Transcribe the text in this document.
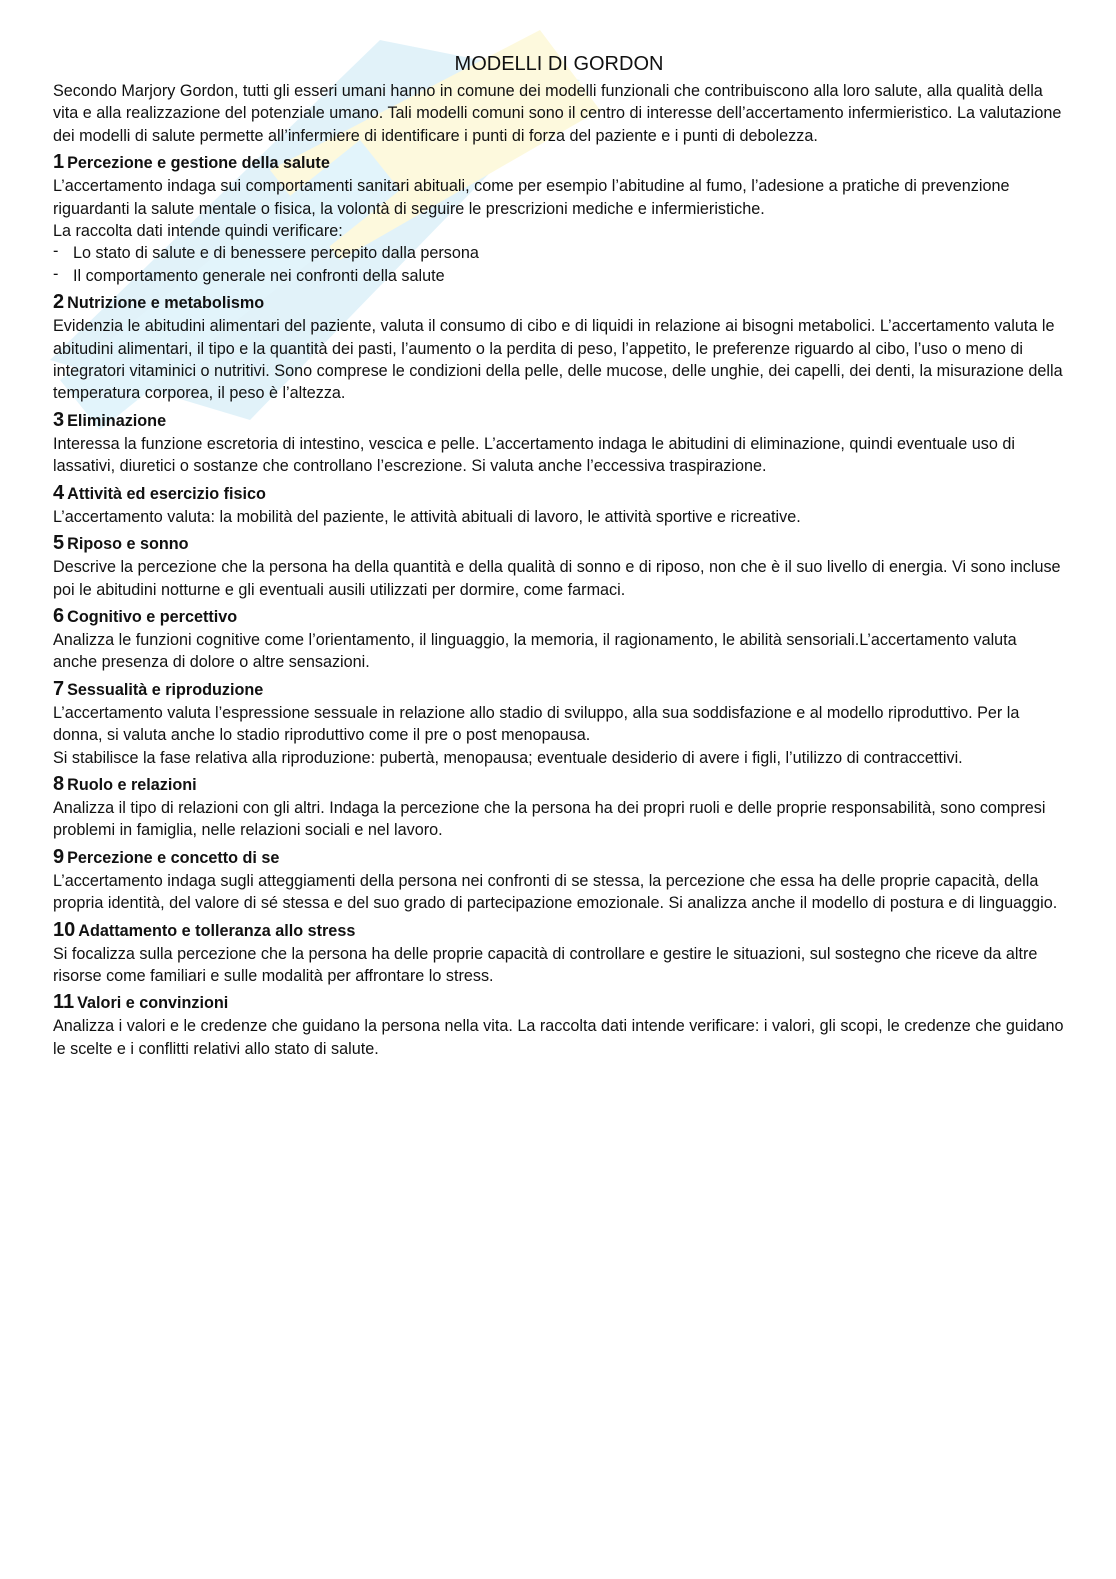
MODELLI DI GORDON

Secondo Marjory Gordon, tutti gli esseri umani hanno in comune dei modelli funzionali che contribuiscono alla loro salute, alla qualità della vita e alla realizzazione del potenziale umano. Tali modelli comuni sono il centro di interesse dell’accertamento infermieristico. La valutazione dei modelli di salute permette all’infermiere di identificare i punti di forza del paziente e i punti di debolezza.

1 Percezione e gestione della salute

L’accertamento indaga sui comportamenti sanitari abituali, come per esempio l’abitudine al fumo, l’adesione a pratiche di prevenzione riguardanti la salute mentale o fisica, la volontà di seguire le prescrizioni mediche e infermieristiche.

La raccolta dati intende quindi verificare:

- Lo stato di salute e di benessere percepito dalla persona
- Il comportamento generale nei confronti della salute
2 Nutrizione e metabolismo

Evidenzia le abitudini alimentari del paziente, valuta il consumo di cibo e di liquidi in relazione ai bisogni metabolici. L’accertamento valuta le abitudini alimentari, il tipo e la quantità dei pasti, l’aumento o la perdita di peso, l’appetito, le preferenze riguardo al cibo, l’uso o meno di integratori vitaminici o nutritivi. Sono comprese le condizioni della pelle, delle mucose, delle unghie, dei capelli, dei denti, la misurazione della temperatura corporea, il peso è l’altezza.

3 Eliminazione

Interessa la funzione escretoria di intestino, vescica e pelle. L’accertamento indaga le abitudini di eliminazione, quindi eventuale uso di lassativi, diuretici o sostanze che controllano l’escrezione. Si valuta anche l’eccessiva traspirazione.

4 Attività ed esercizio fisico

L’accertamento valuta: la mobilità del paziente, le attività abituali di lavoro, le attività sportive e ricreative.

5 Riposo e sonno

Descrive la percezione che la persona ha della quantità e della qualità di sonno e di riposo, non che è il suo livello di energia. Vi sono incluse poi le abitudini notturne e gli eventuali ausili utilizzati per dormire, come farmaci.

6 Cognitivo e percettivo

Analizza le funzioni cognitive come l’orientamento, il linguaggio, la memoria, il ragionamento, le abilità sensoriali.L’accertamento valuta anche presenza di dolore o altre sensazioni.

7 Sessualità e riproduzione

L’accertamento valuta l’espressione sessuale in relazione allo stadio di sviluppo, alla sua soddisfazione e al modello riproduttivo. Per la donna, si valuta anche lo stadio riproduttivo come il pre o post menopausa.

Si stabilisce la fase relativa alla riproduzione: pubertà, menopausa; eventuale desiderio di avere i figli, l’utilizzo di contraccettivi.

8 Ruolo e relazioni

Analizza il tipo di relazioni con gli altri. Indaga la percezione che la persona ha dei propri ruoli e delle proprie responsabilità, sono compresi problemi in famiglia, nelle relazioni sociali e nel lavoro.

9 Percezione e concetto di se

L’accertamento indaga sugli atteggiamenti della persona nei confronti di se stessa, la percezione che essa ha delle proprie capacità, della propria identità, del valore di sé stessa e del suo grado di partecipazione emozionale. Si analizza anche il modello di postura e di linguaggio.

10 Adattamento e tolleranza allo stress

Si focalizza sulla percezione che la persona ha delle proprie capacità di controllare e gestire le situazioni, sul sostegno che riceve da altre risorse come familiari e sulle modalità per affrontare lo stress.

11 Valori e convinzioni

Analizza i valori e le credenze che guidano la persona nella vita. La raccolta dati intende verificare: i valori, gli scopi, le credenze che guidano le scelte e i conflitti relativi allo stato di salute.
